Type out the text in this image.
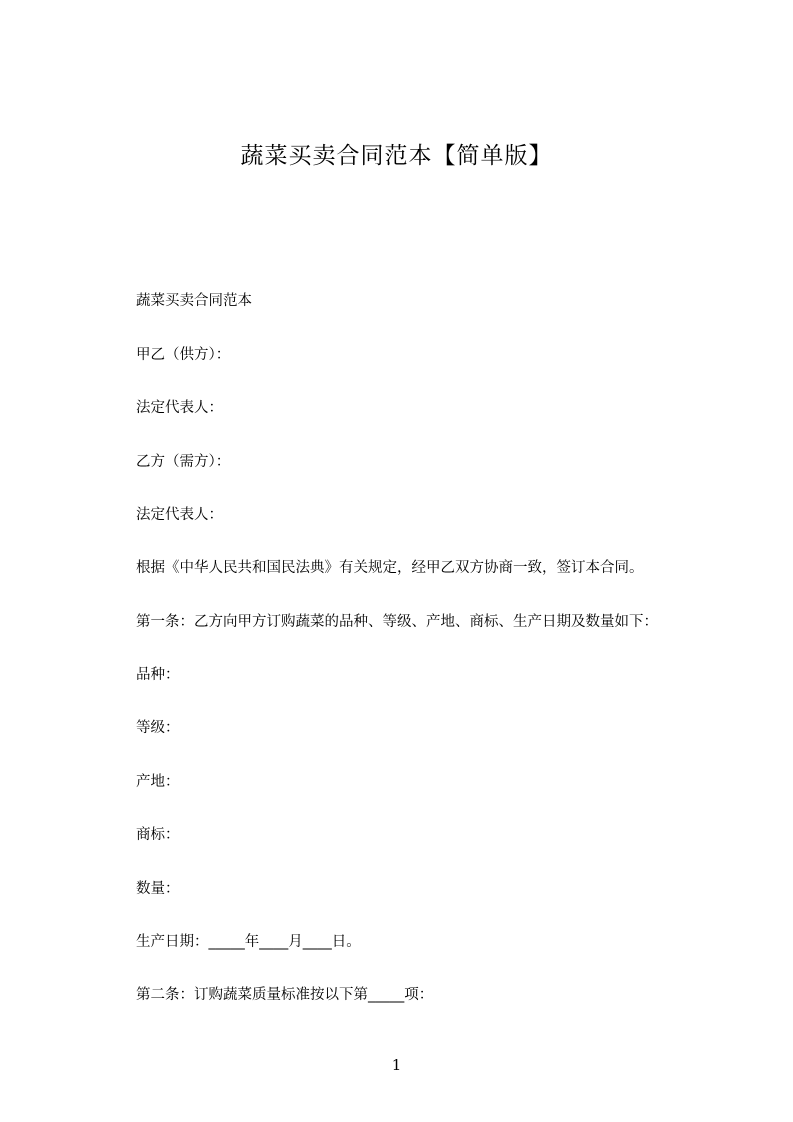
蔬菜买卖合同范本【简单版】

蔬菜买卖合同范本

甲乙（供方）：

法定代表人：

乙方（需方）：

法定代表人：

根据《中华人民共和国民法典》有关规定，经甲乙双方协商一致，签订本合同。

第一条：乙方向甲方订购蔬菜的品种、等级、产地、商标、生产日期及数量如下：

品种：

等级：

产地：

商标：

数量：

生产日期：_____年____月____日。

第二条：订购蔬菜质量标准按以下第_____项：

1
